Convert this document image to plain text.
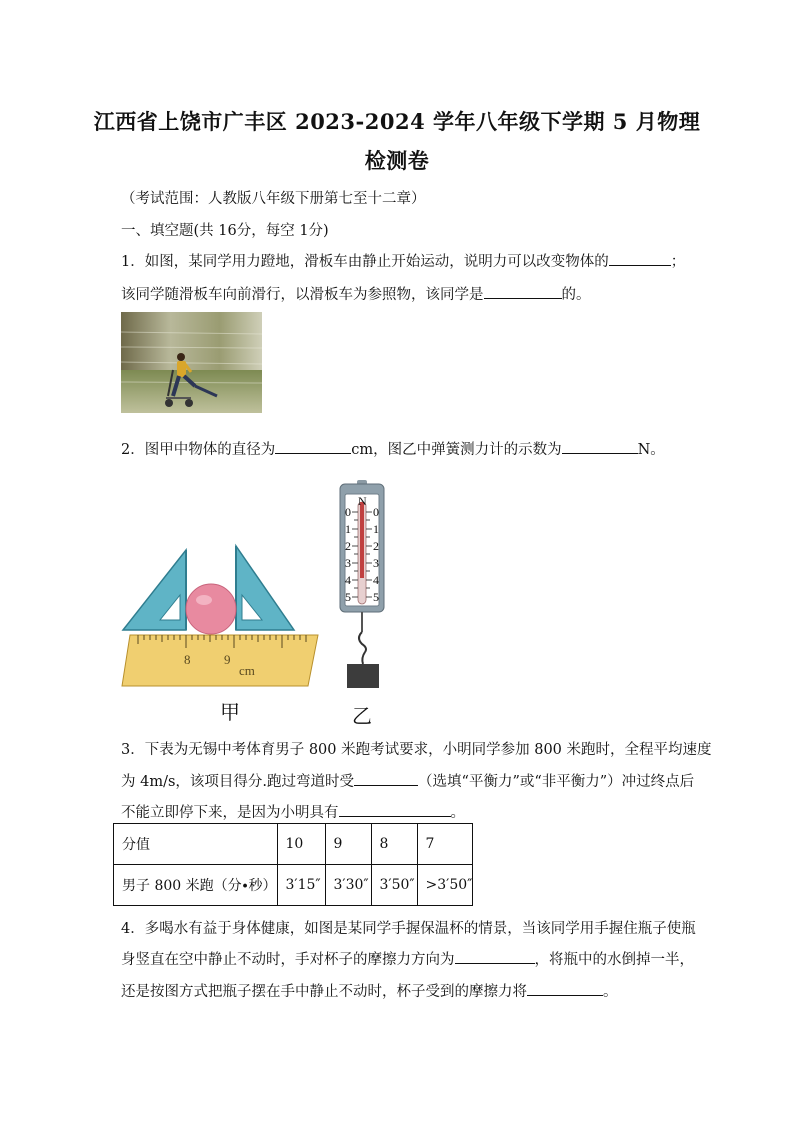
江西省上饶市广丰区 2023-2024 学年八年级下学期 5 月物理
检测卷
（考试范围：人教版八年级下册第七至十二章）
一、填空题(共 16分，每空 1分)
1．如图，某同学用力蹬地，滑板车由静止开始运动，说明力可以改变物体的	；
该同学随滑板车向前滑行，以滑板车为参照物，该同学是	的。
2．图甲中物体的直径为	cm，图乙中弹簧测力计的示数为	N。
8	9
cm
甲
N
0 0
1 1
2 2
3 3
4 4
5 5
乙
3．下表为无锡中考体育男子 800 米跑考试要求，小明同学参加 800 米跑时，全程平均速度
为 4m/s，该项目得分.跑过弯道时受	（选填“平衡力”或“非平衡力”）冲过终点后
不能立即停下来，是因为小明具有	。
分值	10	9	8	7
男子 800 米跑（分∙秒）	3′15″	3′30″	3′50″	>3′50″
4．多喝水有益于身体健康，如图是某同学手握保温杯的情景，当该同学用手握住瓶子使瓶
身竖直在空中静止不动时，手对杯子的摩擦力方向为	，将瓶中的水倒掉一半，
还是按图方式把瓶子摆在手中静止不动时，杯子受到的摩擦力将	。
